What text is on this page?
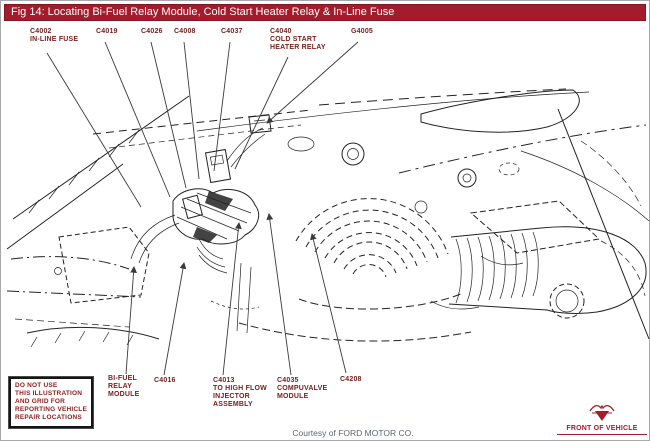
Fig 14: Locating Bi-Fuel Relay Module, Cold Start Heater Relay & In-Line Fuse
C4002
IN-LINE FUSE
C4019	C4026 C4008	C4037	C4040
COLD START
HEATER RELAY
G4005
BI-FUEL
RELAY
MODULE
C4016	C4013
TO HIGH FLOW
INJECTOR
ASSEMBLY
C4035
COMPUVALVE
MODULE
C4208
DO NOT USE
THIS ILLUSTRATION
AND GRID FOR
REPORTING VEHICLE
REPAIR LOCATIONS
FRONT OF VEHICLE
Courtesy of FORD MOTOR CO.
